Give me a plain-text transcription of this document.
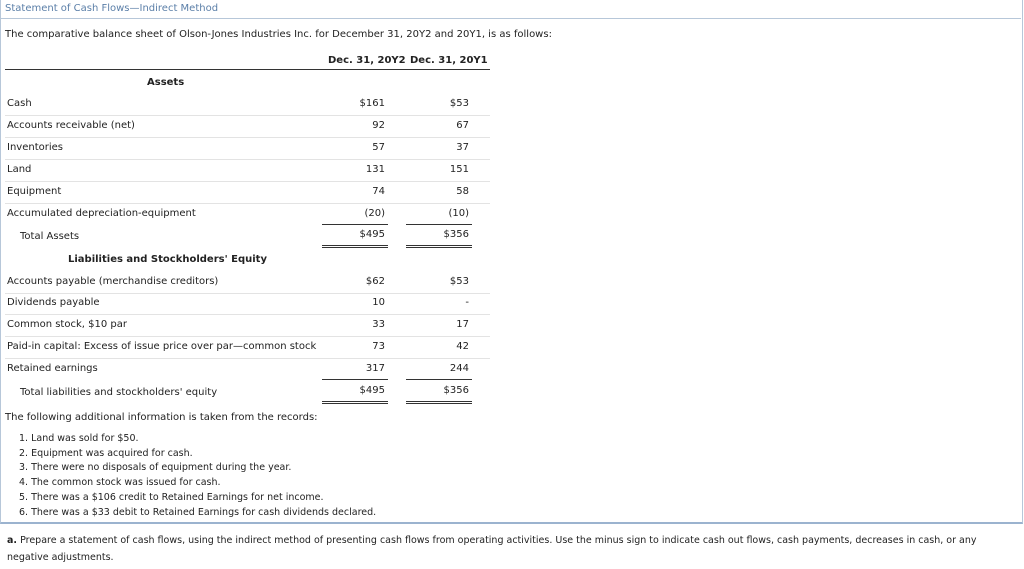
Statement of Cash Flows—Indirect Method
The comparative balance sheet of Olson-Jones Industries Inc. for December 31, 20Y2 and 20Y1, is as follows:
Dec. 31, 20Y2 Dec. 31, 20Y1
Assets
Cash	$161	$53
Accounts receivable (net)	92	67
Inventories	57	37
Land	131	151
Equipment	74	58
Accumulated depreciation-equipment	(20)	(10)
Total Assets	$495	$356
Liabilities and Stockholders' Equity
Accounts payable (merchandise creditors)	$62	$53
Dividends payable	10	-
Common stock, $10 par	33	17
Paid-in capital: Excess of issue price over par—common stock	73	42
Retained earnings	317	244
Total liabilities and stockholders' equity	$495	$356
The following additional information is taken from the records:
1. Land was sold for $50.
2. Equipment was acquired for cash.
3. There were no disposals of equipment during the year.
4. The common stock was issued for cash.
5. There was a $106 credit to Retained Earnings for net income.
6. There was a $33 debit to Retained Earnings for cash dividends declared.
a. Prepare a statement of cash flows, using the indirect method of presenting cash flows from operating activities. Use the minus sign to indicate cash out flows, cash payments, decreases in cash, or any negative adjustments.
